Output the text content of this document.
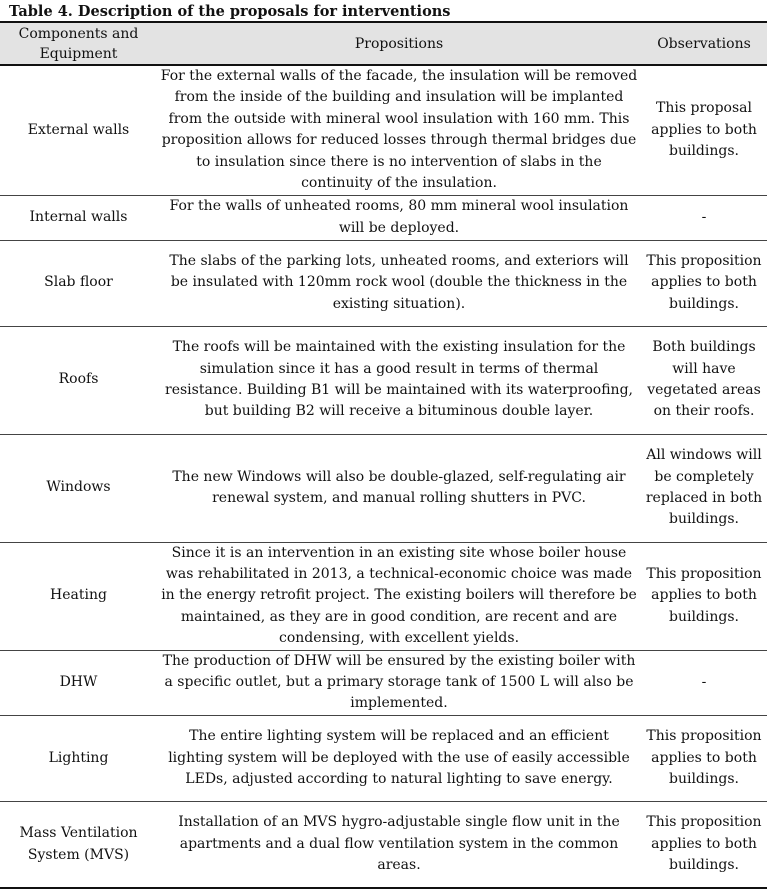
Table 4. Description of the proposals for interventions
Components and Equipment	Propositions	Observations
External walls	For the external walls of the facade, the insulation will be removed from the inside of the building and insulation will be implanted from the outside with mineral wool insulation with 160 mm. This proposition allows for reduced losses through thermal bridges due to insulation since there is no intervention of slabs in the continuity of the insulation.	This proposal applies to both buildings.
Internal walls	For the walls of unheated rooms, 80 mm mineral wool insulation will be deployed.	-
Slab floor	The slabs of the parking lots, unheated rooms, and exteriors will be insulated with 120mm rock wool (double the thickness in the existing situation).	This proposition applies to both buildings.
Roofs	The roofs will be maintained with the existing insulation for the simulation since it has a good result in terms of thermal resistance. Building B1 will be maintained with its waterproofing, but building B2 will receive a bituminous double layer.	Both buildings will have vegetated areas on their roofs.
Windows	The new Windows will also be double-glazed, self-regulating air renewal system, and manual rolling shutters in PVC.	All windows will be completely replaced in both buildings.
Heating	Since it is an intervention in an existing site whose boiler house was rehabilitated in 2013, a technical-economic choice was made in the energy retrofit project. The existing boilers will therefore be maintained, as they are in good condition, are recent and are condensing, with excellent yields.	This proposition applies to both buildings.
DHW	The production of DHW will be ensured by the existing boiler with a specific outlet, but a primary storage tank of 1500 L will also be implemented.	-
Lighting	The entire lighting system will be replaced and an efficient lighting system will be deployed with the use of easily accessible LEDs, adjusted according to natural lighting to save energy.	This proposition applies to both buildings.
Mass Ventilation System (MVS)	Installation of an MVS hygro-adjustable single flow unit in the apartments and a dual flow ventilation system in the common areas.	This proposition applies to both buildings.
